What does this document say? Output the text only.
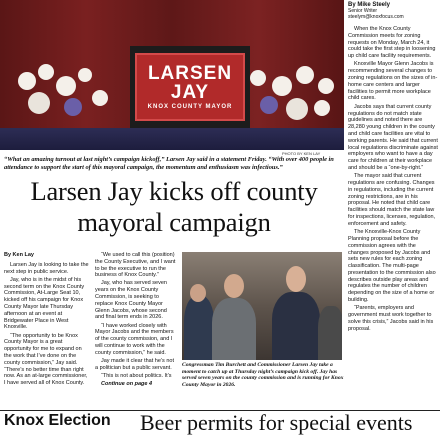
LARSEN
JAY
KNOX COUNTY MAYOR
PHOTO BY KEN LAY
“What an amazing turnout at last night’s campaign kickoff,” Larsen Jay said in a statement Friday. “With over 400 people in attendance to support the start of this mayoral campaign, the momentum and enthusiasm was infectious.”
Larsen Jay kicks off county mayoral campaign
By Mike Steely
Senior Writer
steelym@knoxfocus.com

When the Knox County Commission meets for zoning requests on Monday, March 24, it could take the first step in loosening up child care facility requirements.

Knoxville Mayor Glenn Jacobs is recommending several changes to zoning regulations on the sizes of in-home care centers and larger facilities to permit more workplace child cares.

Jacobs says that current county regulations do not match state guidelines and noted there are 28,280 young children in the county and child care facilities are vital to working parents. He said that current local regulations discriminate against employers who want to have a day care for children at their workplace and should be a “one-by-right.”

The mayor said that current regulations are confusing. Changes in regulations, including the current zoning restrictions, are in his proposal. He noted that child care facilities should match the state law for inspections, licenses, regulation, enforcement and safety.

The Knoxville-Knox County Planning proposal before the commission agrees with the changes proposed by Jacobs and sets new rules for each zoning classification. The multi-page presentation to the commission also describes outside play areas and regulates the number of children depending on the size of a home or building.

“Parents, employers and government must work together to solve this crisis,” Jacobs said in his proposal.

By Ken Lay

Larsen Jay is looking to take the next step in public service.

Jay, who is in the midst of his second term on the Knox County Commission, At-Large Seat 10, kicked off his campaign for Knox County Mayor late Thursday afternoon at an event at Bridgewater Place in West Knoxville.

“The opportunity to be Knox County Mayor is a great opportunity for me to expand on the work that I’ve done on the county commission,” Jay said. “There’s no better time than right now. As an at-large commissioner, I have served all of Knox County.

“We used to call this (position) the County Executive, and I want to be the executive to run the business of Knox County.”

Jay, who has served seven years on the Knox County Commission, is seeking to replace Knox County Mayor Glenn Jacobs, whose second and final term ends in 2026.

“I have worked closely with Mayor Jacobs and the members of the county commission, and I will continue to work with the county commission,” he said.

Jay made it clear that he’s not a politician but a public servant.

“This is not about politics. It’s

Continue on page 4

Congressman Tim Burchett and Commissioner Larsen Jay take a moment to catch up at Thursday night’s campaign kick off. Jay has served seven years on the county commission and is running for Knox County Mayor in 2026.
Knox Election Beer permits for special events
